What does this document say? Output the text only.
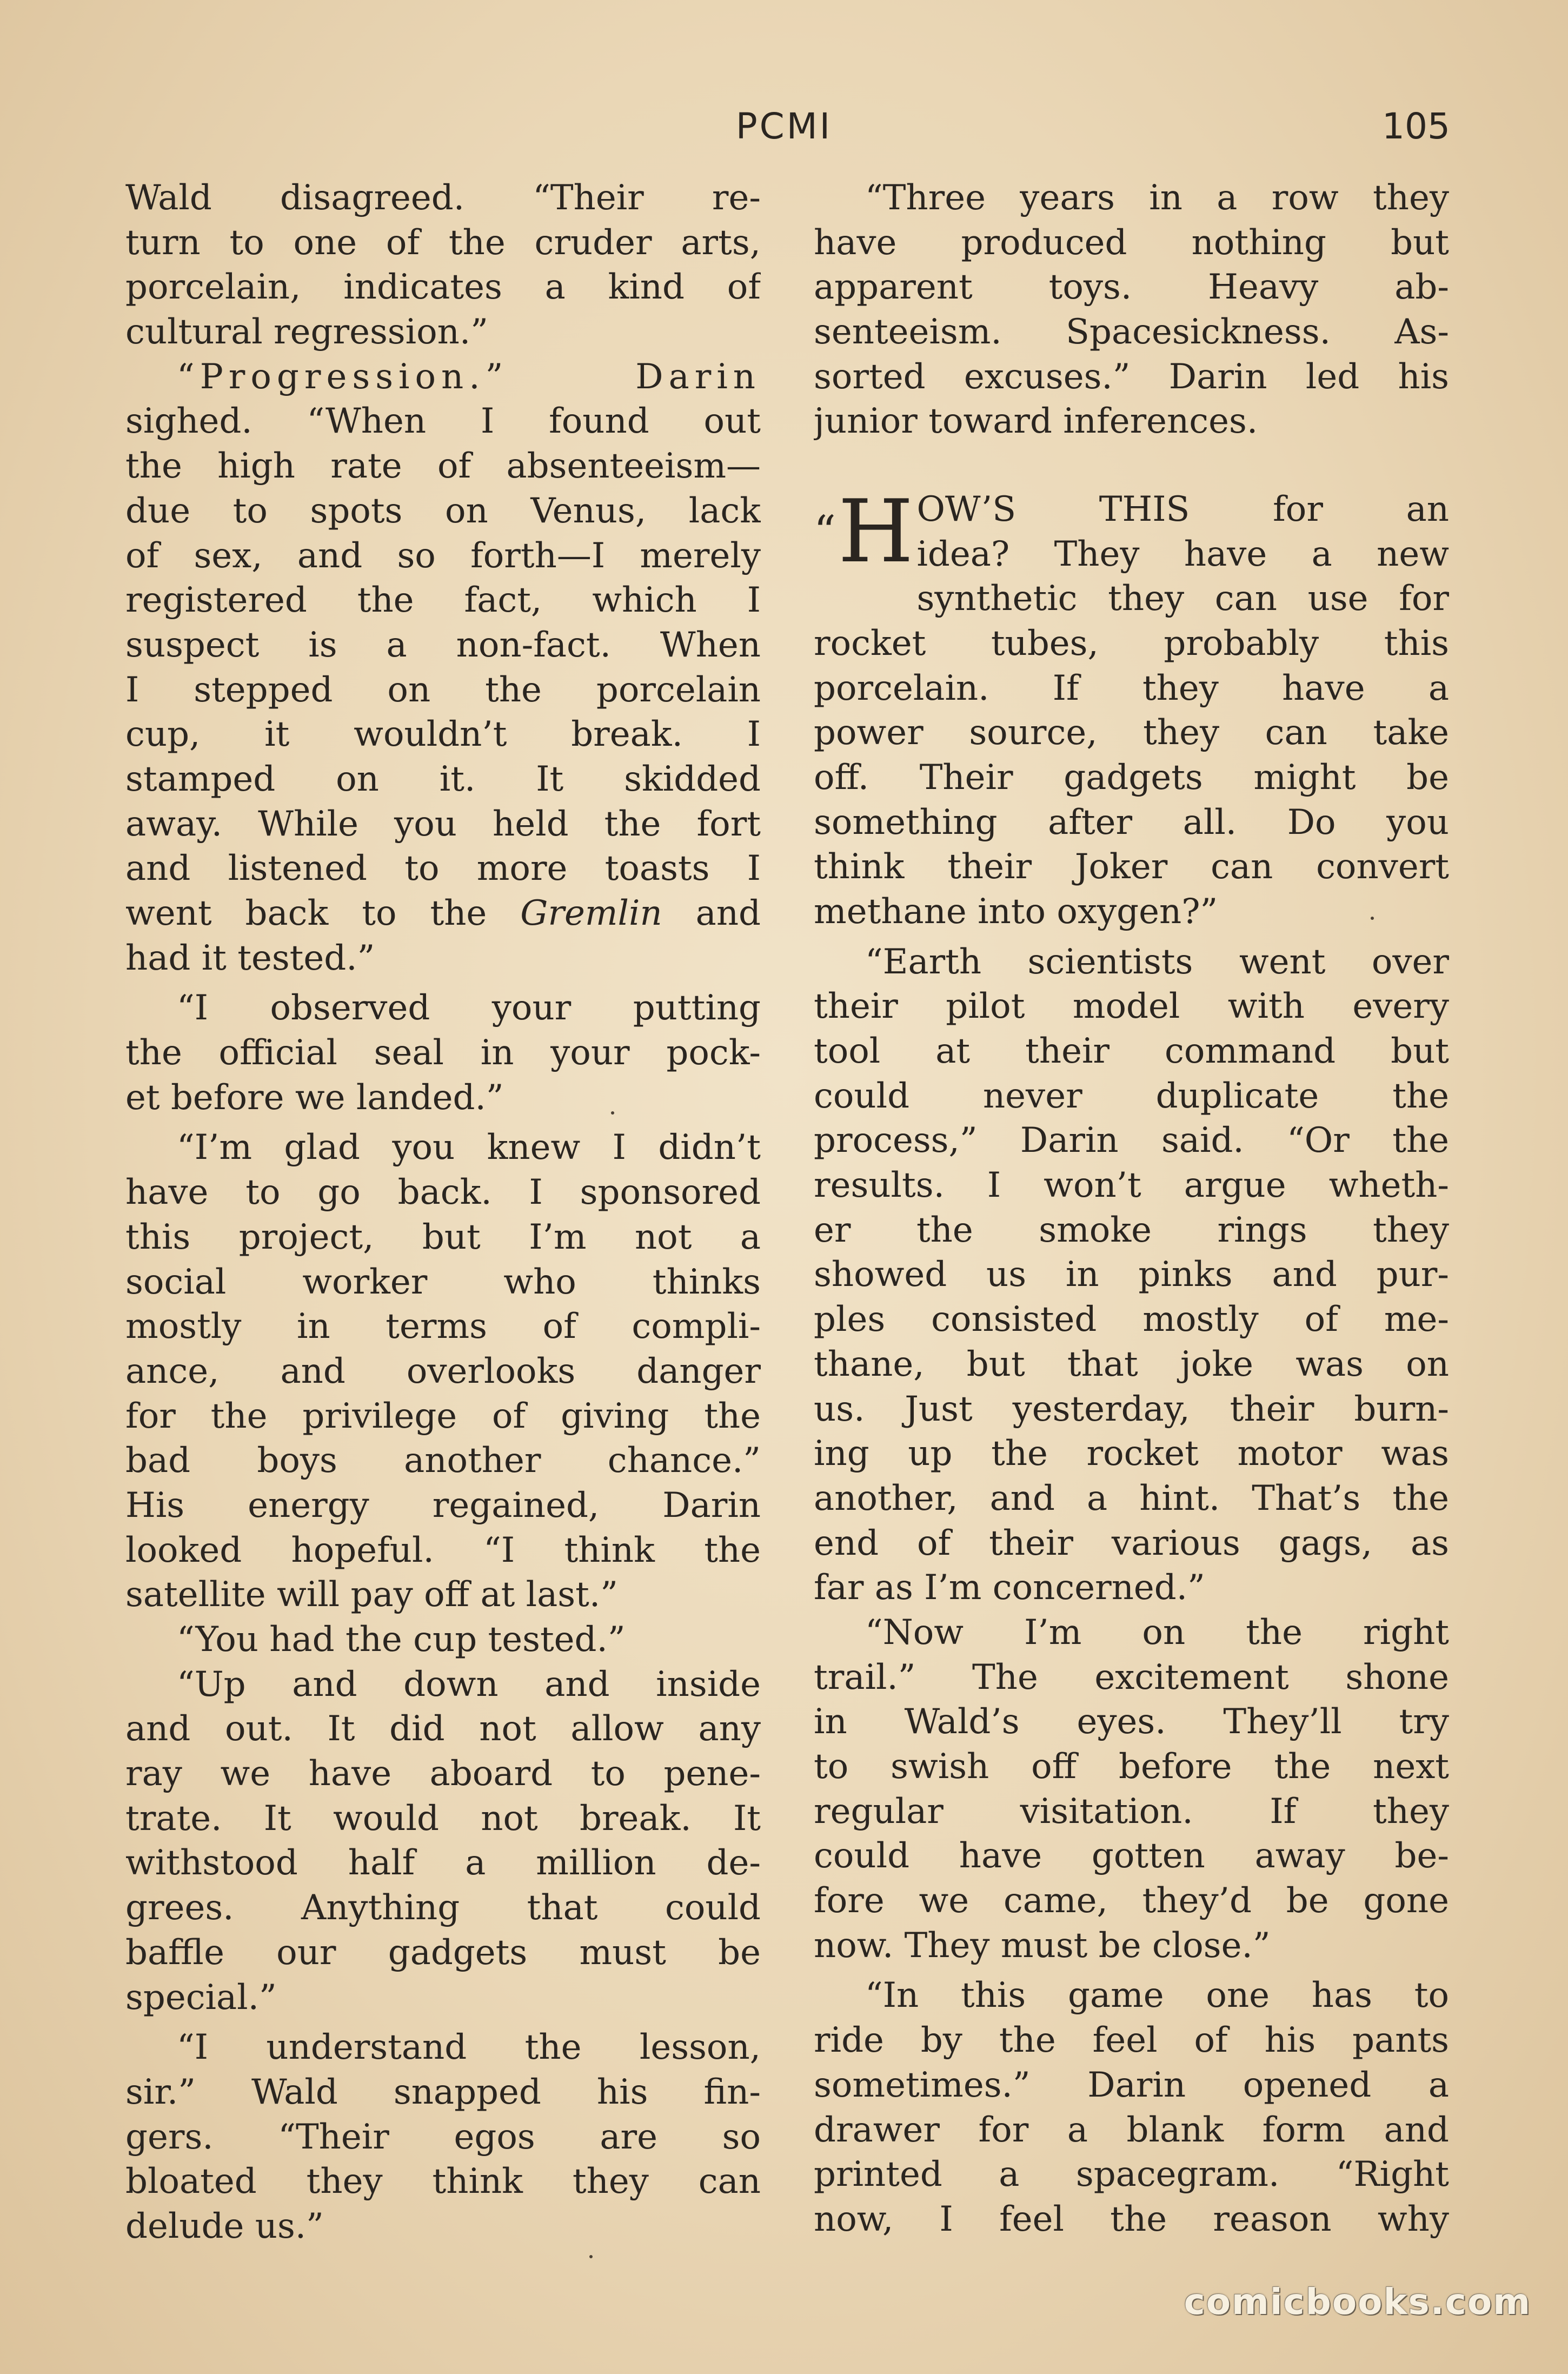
PCMI	105
Wald disagreed. “Their re-
turn to one of the cruder arts,
porcelain, indicates a kind of
cultural regression.”
“Progression.” Darin
sighed. “When I found out
the high rate of absenteeism—
due to spots on Venus, lack
of sex, and so forth—I merely
registered the fact, which I
suspect is a non-fact. When
I stepped on the porcelain
cup, it wouldn’t break. I
stamped on it. It skidded
away. While you held the fort
and listened to more toasts I
went back to the Gremlin and
had it tested.”
“I observed your putting
the official seal in your pock-
et before we landed.”
“I’m glad you knew I didn’t
have to go back. I sponsored
this project, but I’m not a
social worker who thinks
mostly in terms of compli-
ance, and overlooks danger
for the privilege of giving the
bad boys another chance.”
His energy regained, Darin
looked hopeful. “I think the
satellite will pay off at last.”
“You had the cup tested.”
“Up and down and inside
and out. It did not allow any
ray we have aboard to pene-
trate. It would not break. It
withstood half a million de-
grees. Anything that could
baffle our gadgets must be
special.”
“I understand the lesson,
sir.” Wald snapped his fin-
gers. “Their egos are so
bloated they think they can
delude us.”
“Three years in a row they
have produced nothing but
apparent toys. Heavy ab-
senteeism. Spacesickness. As-
sorted excuses.” Darin led his
junior toward inferences.
“H OW’S THIS for an
idea? They have a new
synthetic they can use for
rocket tubes, probably this
porcelain. If they have a
power source, they can take
off. Their gadgets might be
something after all. Do you
think their Joker can convert
methane into oxygen?”
“Earth scientists went over
their pilot model with every
tool at their command but
could never duplicate the
process,” Darin said. “Or the
results. I won’t argue wheth-
er the smoke rings they
showed us in pinks and pur-
ples consisted mostly of me-
thane, but that joke was on
us. Just yesterday, their burn-
ing up the rocket motor was
another, and a hint. That’s the
end of their various gags, as
far as I’m concerned.”
“Now I’m on the right
trail.” The excitement shone
in Wald’s eyes. They’ll try
to swish off before the next
regular visitation. If they
could have gotten away be-
fore we came, they’d be gone
now. They must be close.”
“In this game one has to
ride by the feel of his pants
sometimes.” Darin opened a
drawer for a blank form and
printed a spacegram. “Right
now, I feel the reason why
comicbooks.com
